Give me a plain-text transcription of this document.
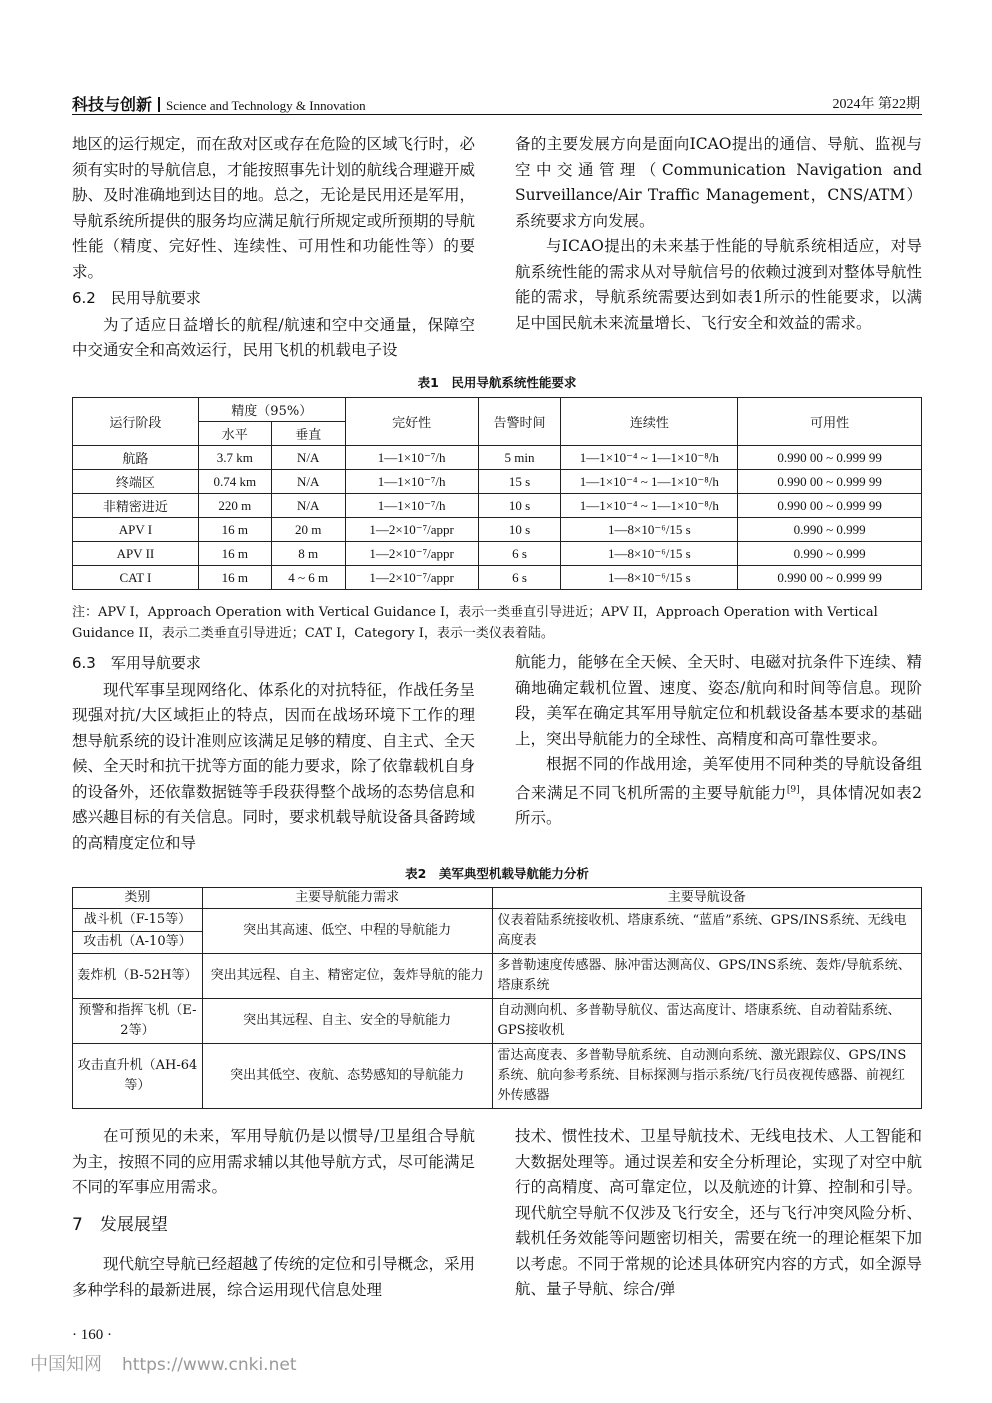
科技与创新 Science and Technology & Innovation	2024年 第22期

地区的运行规定，而在敌对区或存在危险的区域飞行时，必须有实时的导航信息，才能按照事先计划的航线合理避开威胁、及时准确地到达目的地。总之，无论是民用还是军用，导航系统所提供的服务均应满足航行所规定或所预期的导航性能（精度、完好性、连续性、可用性和功能性等）的要求。

6.2　民用导航要求

为了适应日益增长的航程/航速和空中交通量，保障空中交通安全和高效运行，民用飞机的机载电子设

备的主要发展方向是面向ICAO提出的通信、导航、监视与空中交通管理（Communication Navigation and Surveillance/Air Traffic Management，CNS/ATM）系统要求方向发展。

与ICAO提出的未来基于性能的导航系统相适应，对导航系统性能的需求从对导航信号的依赖过渡到对整体导航性能的需求，导航系统需要达到如表1所示的性能要求，以满足中国民航未来流量增长、飞行安全和效益的需求。

表1　民用导航系统性能要求
运行阶段	精度（95%）		完好性	告警时间	连续性	可用性
	水平	垂直				
航路	3.7 km	N/A	1—1×10⁻⁷/h	5 min	1—1×10⁻⁴ ~ 1—1×10⁻⁸/h	0.990 00 ~ 0.999 99
终端区	0.74 km	N/A	1—1×10⁻⁷/h	15 s	1—1×10⁻⁴ ~ 1—1×10⁻⁸/h	0.990 00 ~ 0.999 99
非精密进近	220 m	N/A	1—1×10⁻⁷/h	10 s	1—1×10⁻⁴ ~ 1—1×10⁻⁸/h	0.990 00 ~ 0.999 99
APV I	16 m	20 m	1—2×10⁻⁷/appr	10 s	1—8×10⁻⁶/15 s	0.990 ~ 0.999
APV II	16 m	8 m	1—2×10⁻⁷/appr	6 s	1—8×10⁻⁶/15 s	0.990 ~ 0.999
CAT I	16 m	4 ~ 6 m	1—2×10⁻⁷/appr	6 s	1—8×10⁻⁶/15 s	0.990 00 ~ 0.999 99
注：APV I，Approach Operation with Vertical Guidance I，表示一类垂直引导进近；APV II，Approach Operation with Vertical Guidance II，表示二类垂直引导进近；CAT I，Category I，表示一类仪表着陆。
6.3　军用导航要求

现代军事呈现网络化、体系化的对抗特征，作战任务呈现强对抗/大区域拒止的特点，因而在战场环境下工作的理想导航系统的设计准则应该满足足够的精度、自主式、全天候、全天时和抗干扰等方面的能力要求，除了依靠载机自身的设备外，还依靠数据链等手段获得整个战场的态势信息和感兴趣目标的有关信息。同时，要求机载导航设备具备跨域的高精度定位和导

航能力，能够在全天候、全天时、电磁对抗条件下连续、精确地确定载机位置、速度、姿态/航向和时间等信息。现阶段，美军在确定其军用导航定位和机载设备基本要求的基础上，突出导航能力的全球性、高精度和高可靠性要求。

根据不同的作战用途，美军使用不同种类的导航设备组合来满足不同飞机所需的主要导航能力[9]，具体情况如表2所示。

表2　美军典型机载导航能力分析
类别	主要导航能力需求	主要导航设备
战斗机（F-15等）	突出其高速、低空、中程的导航能力	仪表着陆系统接收机、塔康系统、“蓝盾”系统、GPS/INS系统、无线电高度表
攻击机（A-10等）		
轰炸机（B-52H等）	突出其远程、自主、精密定位，轰炸导航的能力	多普勒速度传感器、脉冲雷达测高仪、GPS/INS系统、轰炸/导航系统、塔康系统
预警和指挥飞机（E-2等）	突出其远程、自主、安全的导航能力	自动测向机、多普勒导航仪、雷达高度计、塔康系统、自动着陆系统、GPS接收机
攻击直升机（AH-64等）	突出其低空、夜航、态势感知的导航能力	雷达高度表、多普勒导航系统、自动测向系统、激光跟踪仪、GPS/INS系统、航向参考系统、目标探测与指示系统/飞行员夜视传感器、前视红外传感器

在可预见的未来，军用导航仍是以惯导/卫星组合导航为主，按照不同的应用需求辅以其他导航方式，尽可能满足不同的军事应用需求。

7　发展展望

现代航空导航已经超越了传统的定位和引导概念，采用多种学科的最新进展，综合运用现代信息处理

技术、惯性技术、卫星导航技术、无线电技术、人工智能和大数据处理等。通过误差和安全分析理论，实现了对空中航行的高精度、高可靠定位，以及航迹的计算、控制和引导。现代航空导航不仅涉及飞行安全，还与飞行冲突风险分析、载机任务效能等问题密切相关，需要在统一的理论框架下加以考虑。不同于常规的论述具体研究内容的方式，如全源导航、量子导航、综合/弹

· 160 ·
中国知网 https://www.cnki.net
